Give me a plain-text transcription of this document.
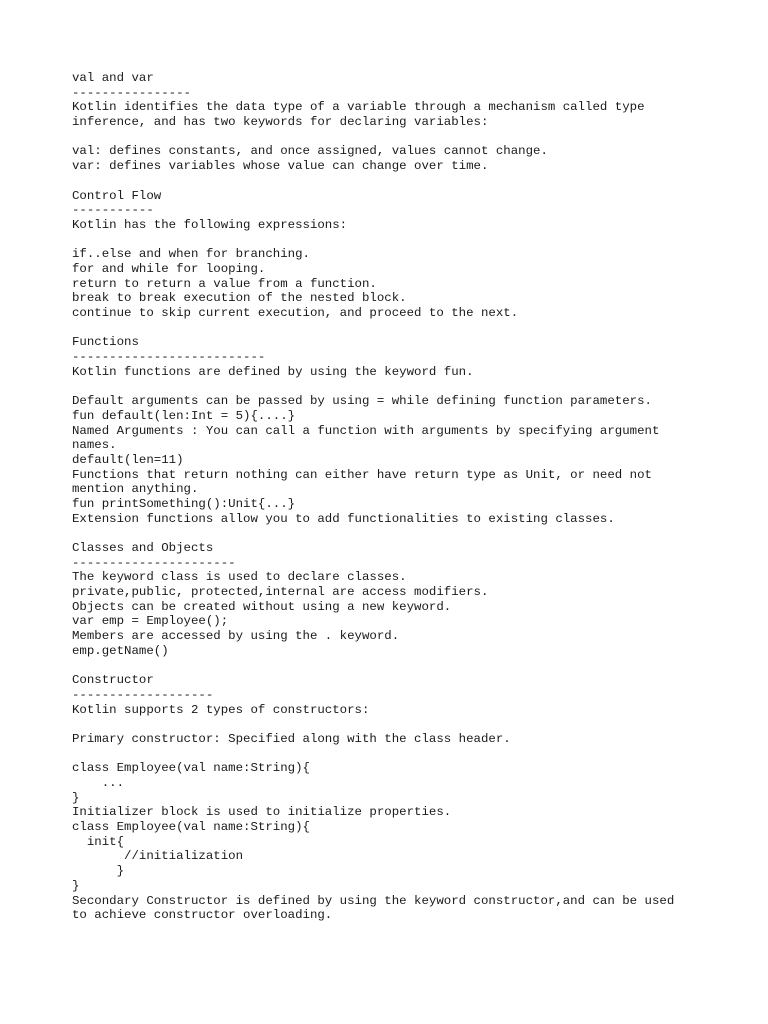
val and var
----------------
Kotlin identifies the data type of a variable through a mechanism called type
inference, and has two keywords for declaring variables:
val: defines constants, and once assigned, values cannot change.
var: defines variables whose value can change over time.
Control Flow
-----------
Kotlin has the following expressions:
if..else and when for branching.
for and while for looping.
return to return a value from a function.
break to break execution of the nested block.
continue to skip current execution, and proceed to the next.
Functions
--------------------------
Kotlin functions are defined by using the keyword fun.
Default arguments can be passed by using = while defining function parameters.
fun default(len:Int = 5){....}
Named Arguments : You can call a function with arguments by specifying argument
names.
default(len=11)
Functions that return nothing can either have return type as Unit, or need not
mention anything.
fun printSomething():Unit{...}
Extension functions allow you to add functionalities to existing classes.
Classes and Objects
----------------------
The keyword class is used to declare classes.
private,public, protected,internal are access modifiers.
Objects can be created without using a new keyword.
var emp = Employee();
Members are accessed by using the . keyword.
emp.getName()
Constructor
-------------------
Kotlin supports 2 types of constructors:
Primary constructor: Specified along with the class header.
class Employee(val name:String){
...
}
Initializer block is used to initialize properties.
class Employee(val name:String){
init{
//initialization
}
}
Secondary Constructor is defined by using the keyword constructor,and can be used
to achieve constructor overloading.
